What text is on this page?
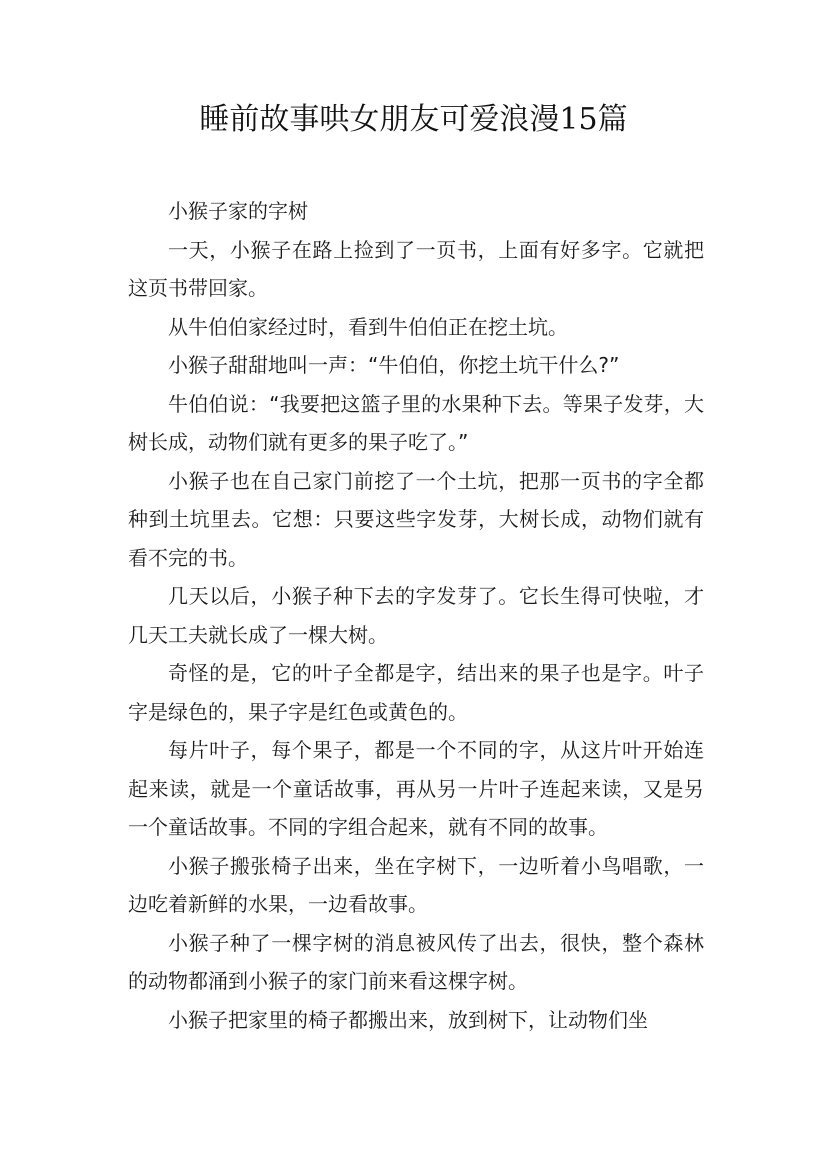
睡前故事哄女朋友可爱浪漫15篇

小猴子家的字树

一天，小猴子在路上捡到了一页书，上面有好多字。它就把这页书带回家。

从牛伯伯家经过时，看到牛伯伯正在挖土坑。

小猴子甜甜地叫一声：“牛伯伯，你挖土坑干什么?”

牛伯伯说：“我要把这篮子里的水果种下去。等果子发芽，大树长成，动物们就有更多的果子吃了。”

小猴子也在自己家门前挖了一个土坑，把那一页书的字全都种到土坑里去。它想：只要这些字发芽，大树长成，动物们就有看不完的书。

几天以后，小猴子种下去的字发芽了。它长生得可快啦，才几天工夫就长成了一棵大树。

奇怪的是，它的叶子全都是字，结出来的果子也是字。叶子字是绿色的，果子字是红色或黄色的。

每片叶子，每个果子，都是一个不同的字，从这片叶开始连起来读，就是一个童话故事，再从另一片叶子连起来读，又是另一个童话故事。不同的字组合起来，就有不同的故事。

小猴子搬张椅子出来，坐在字树下，一边听着小鸟唱歌，一边吃着新鲜的水果，一边看故事。

小猴子种了一棵字树的消息被风传了出去，很快，整个森林的动物都涌到小猴子的家门前来看这棵字树。

小猴子把家里的椅子都搬出来，放到树下，让动物们坐
